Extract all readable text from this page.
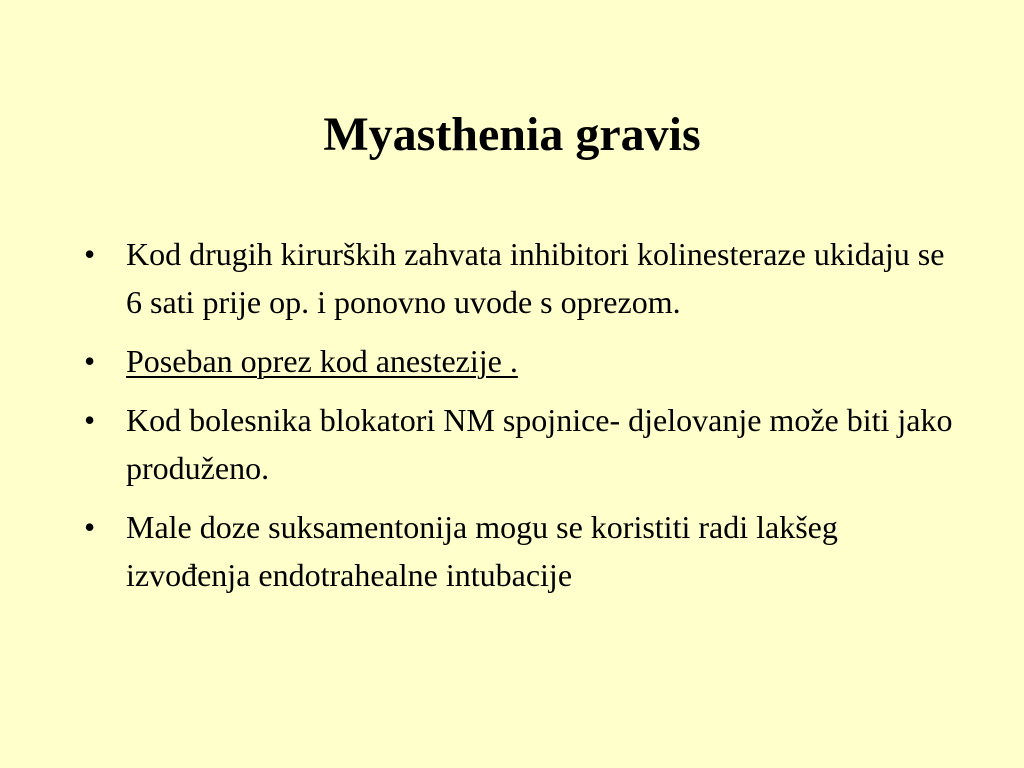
Myasthenia gravis
• Kod drugih kirurških zahvata inhibitori kolinesteraze ukidaju se 6 sati prije op. i ponovno uvode s oprezom.
• Poseban oprez kod anestezije .
• Kod bolesnika blokatori NM spojnice- djelovanje može biti jako produženo.
• Male doze suksamentonija mogu se koristiti radi lakšeg izvođenja endotrahealne intubacije
